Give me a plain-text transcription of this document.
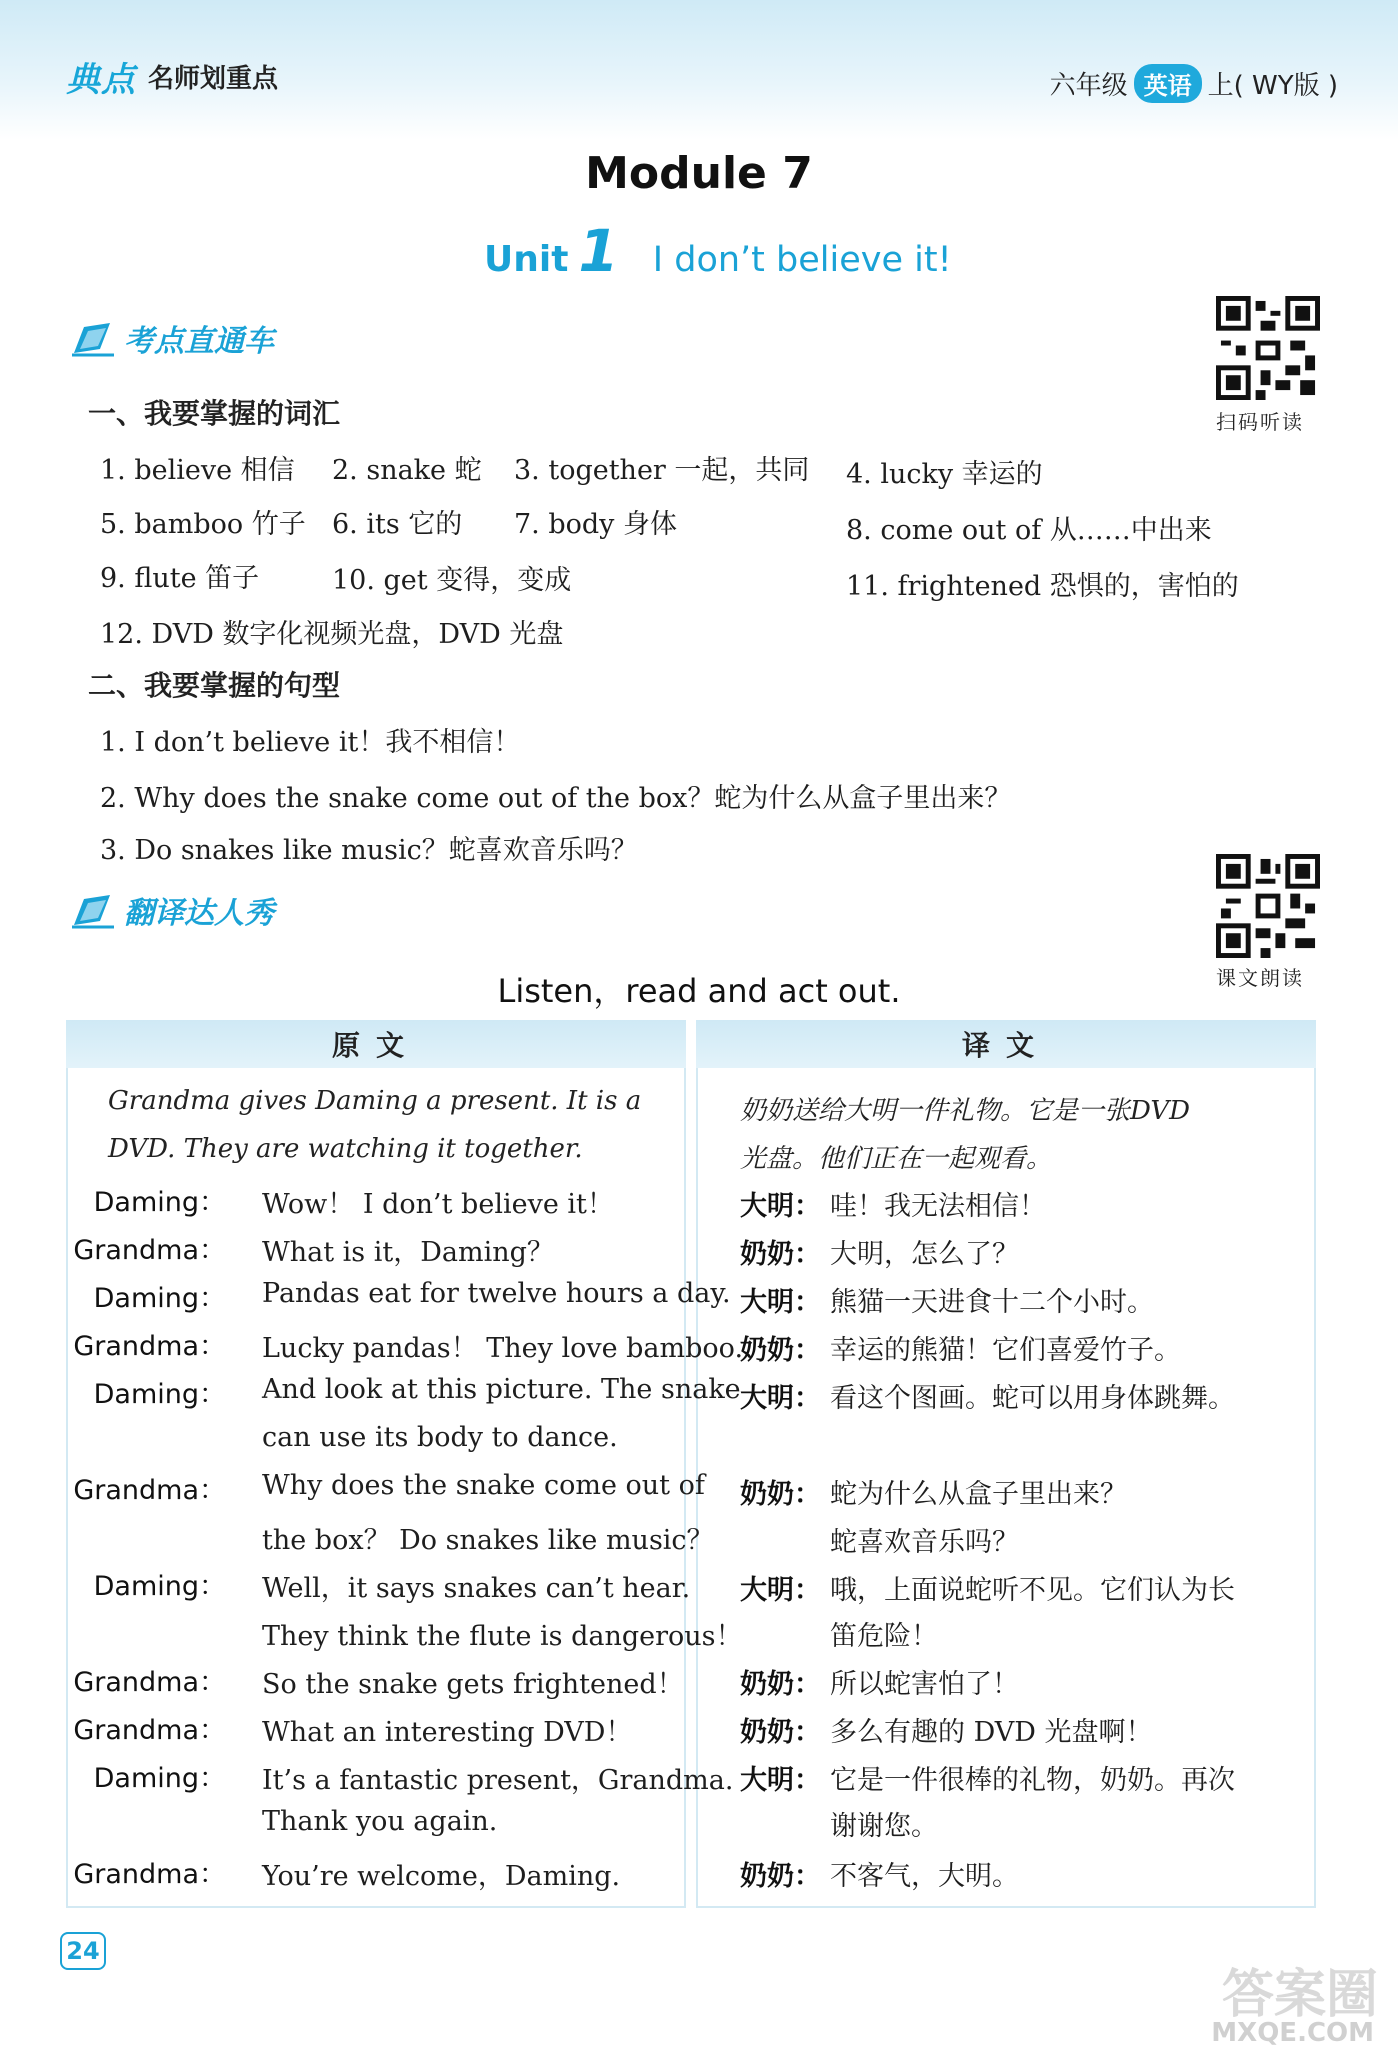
典点 名师划重点	六年级 英语 上( WY版 )
Module 7
Unit 1 I don’t believe it!
考点直通车
扫码听读
一、我要掌握的词汇
1. believe 相信 2. snake 蛇 3. together 一起，共同 4. lucky 幸运的
5. bamboo 竹子 6. its 它的 7. body 身体	8. come out of 从……中出来
9. flute 笛子	10. get 变得，变成	11. frightened 恐惧的，害怕的
12. DVD 数字化视频光盘，DVD 光盘
二、我要掌握的句型
1. I don’t believe it！我不相信！
2. Why does the snake come out of the box？蛇为什么从盒子里出来？
3. Do snakes like music？蛇喜欢音乐吗？
翻译达人秀
课文朗读
Listen，read and act out.
原文	译文
Grandma gives Daming a present. It is a
DVD. They are watching it together.
奶奶送给大明一件礼物。它是一张DVD
光盘。他们正在一起观看。
Daming： Wow！ I don’t believe it！
Grandma： What is it，Daming？
Daming： Pandas eat for twelve hours a day.
Grandma： Lucky pandas！ They love bamboo.
Daming： And look at this picture. The snake
can use its body to dance.
Grandma： Why does the snake come out of
the box？ Do snakes like music？
Daming： Well，it says snakes can’t hear.
They think the flute is dangerous！
Grandma： So the snake gets frightened！
Grandma： What an interesting DVD！
Daming： It’s a fantastic present，Grandma.
Thank you again.
Grandma： You’re welcome，Daming.
大明： 哇！我无法相信！
奶奶： 大明，怎么了？
大明： 熊猫一天进食十二个小时。
奶奶： 幸运的熊猫！它们喜爱竹子。
大明： 看这个图画。蛇可以用身体跳舞。
奶奶： 蛇为什么从盒子里出来？
蛇喜欢音乐吗？
大明： 哦，上面说蛇听不见。它们认为长
笛危险！
奶奶： 所以蛇害怕了！
奶奶： 多么有趣的 DVD 光盘啊！
大明： 它是一件很棒的礼物，奶奶。再次
谢谢您。
奶奶： 不客气，大明。
24
答案圈
MXQE.COM
